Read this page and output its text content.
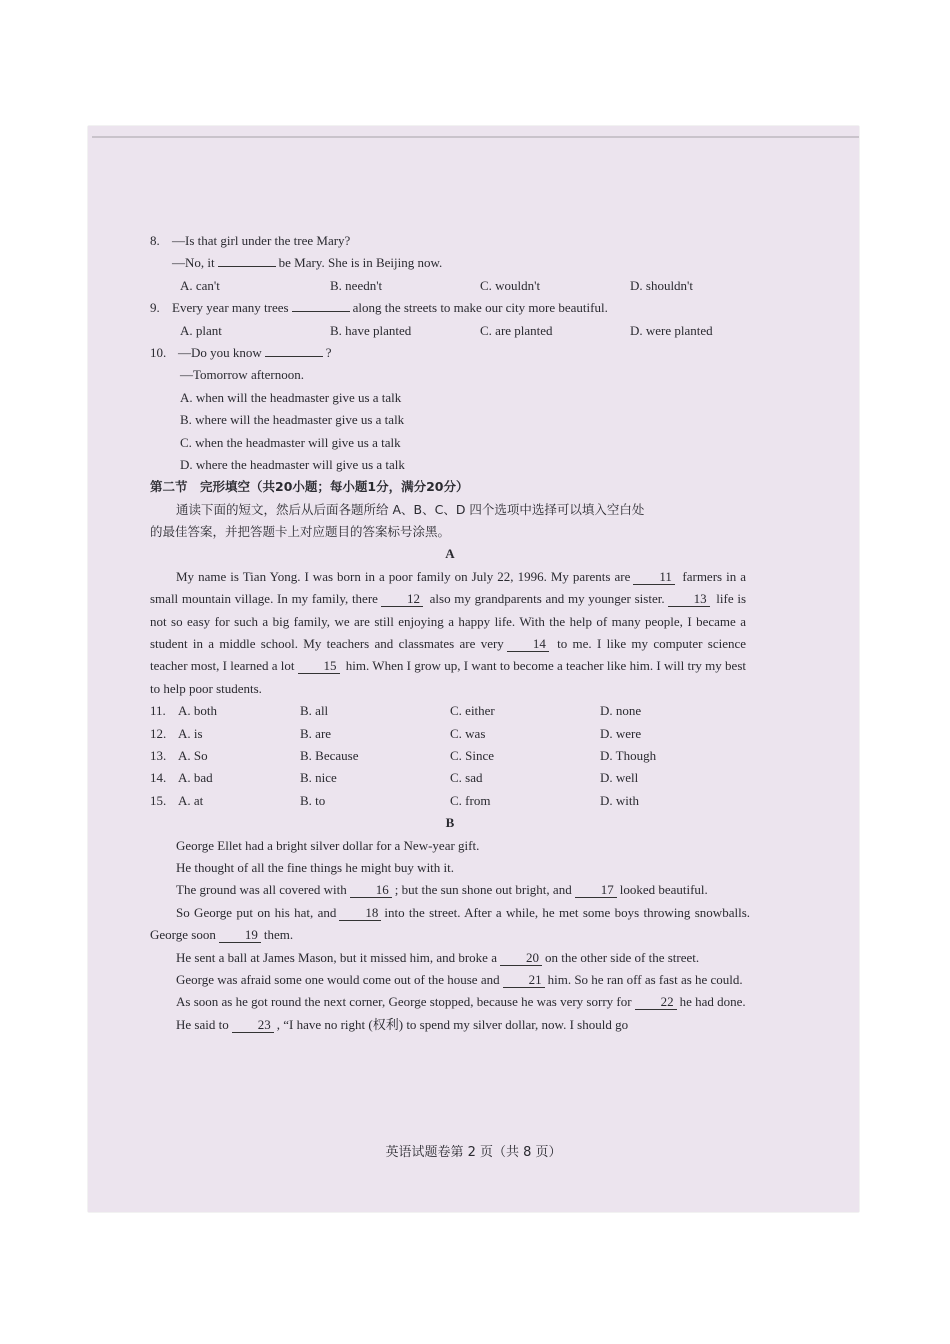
8. —Is that girl under the tree Mary?
—No, it	be Mary. She is in Beijing now.
A. can't	B. needn't	C. wouldn't	D. shouldn't
9. Every year many trees	along the streets to make our city more beautiful.
A. plant	B. have planted	C. are planted	D. were planted
10. —Do you know	?
—Tomorrow afternoon.
A. when will the headmaster give us a talk
B. where will the headmaster give us a talk
C. when the headmaster will give us a talk
D. where the headmaster will give us a talk
第二节　完形填空（共20小题；每小题1分，满分20分）
通读下面的短文，然后从后面各题所给 A、B、C、D 四个选项中选择可以填入空白处
的最佳答案，并把答题卡上对应题目的答案标号涂黑。
A
My name is Tian Yong. I was born in a poor family on July 22, 1996. My parents are 11 farmers in a small mountain village. In my family, there 12 also my grandparents and my younger sister. 13 life is not so easy for such a big family, we are still enjoying a happy life. With the help of many people, I became a student in a middle school. My teachers and classmates are very 14 to me. I like my computer science teacher most, I learned a lot 15 him. When I grow up, I want to become a teacher like him. I will try my best to help poor students.
11. A. both	B. all	C. either	D. none
12. A. is	B. are	C. was	D. were
13. A. So	B. Because	C. Since	D. Though
14. A. bad	B. nice	C. sad	D. well
15. A. at	B. to	C. from	D. with
B
George Ellet had a bright silver dollar for a New-year gift.
He thought of all the fine things he might buy with it.
The ground was all covered with 16 ; but the sun shone out bright, and 17 looked beautiful.
So George put on his hat, and 18 into the street. After a while, he met some boys throwing snowballs. George soon 19 them.
He sent a ball at James Mason, but it missed him, and broke a 20 on the other side of the street.
George was afraid some one would come out of the house and 21 him. So he ran off as fast as he could.
As soon as he got round the next corner, George stopped, because he was very sorry for 22 he had done.
He said to 23 , “I have no right (权利) to spend my silver dollar, now. I should go
英语试题卷第 2 页（共 8 页）
